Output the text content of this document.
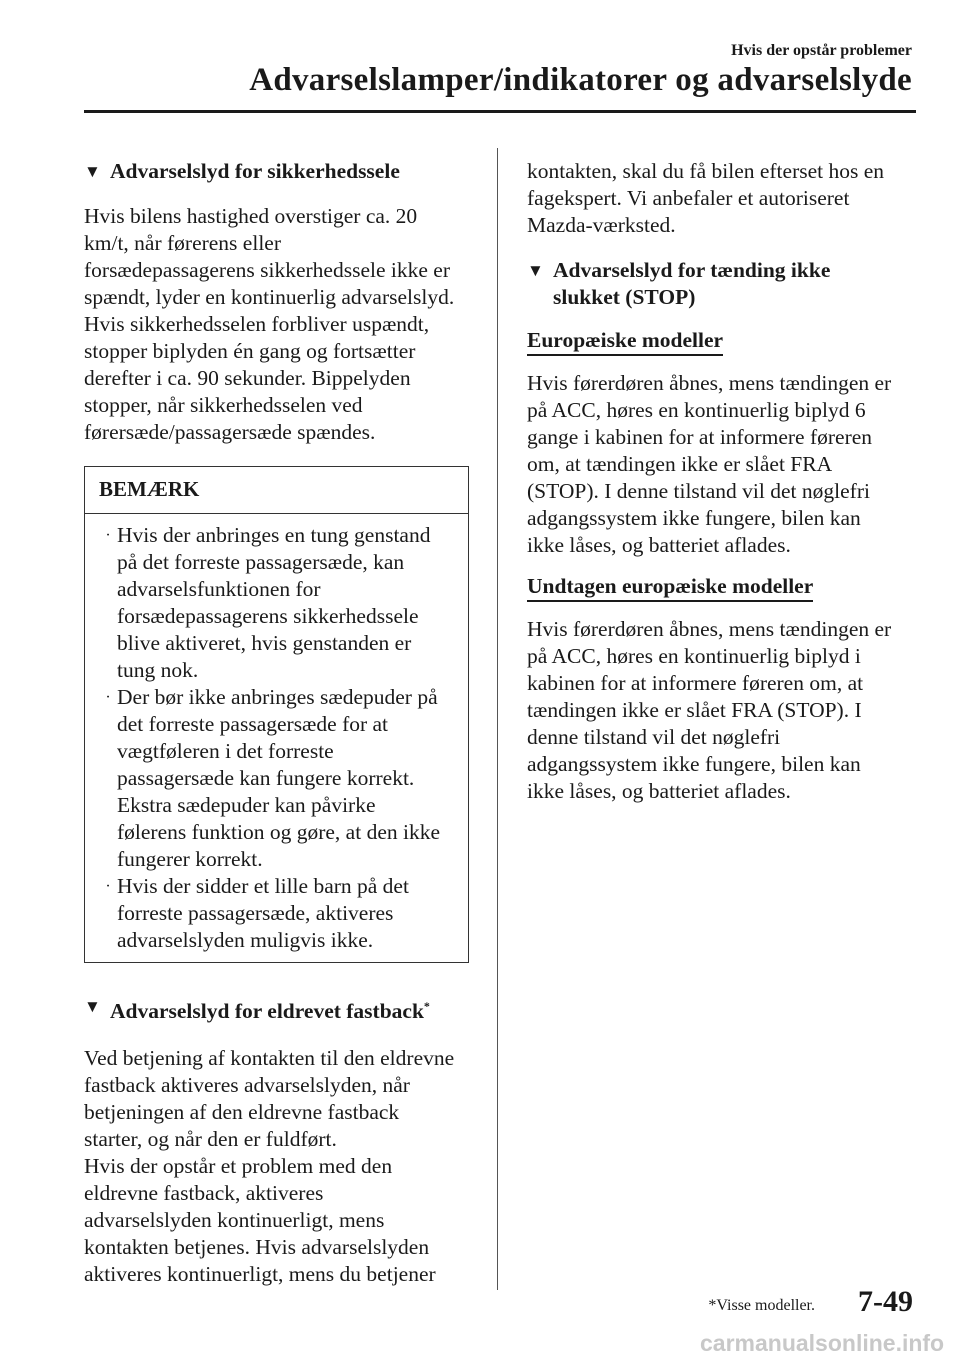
Hvis der opstår problemer
Advarselslamper/indikatorer og advarselslyde
▼ Advarselslyd for sikkerhedssele

Hvis bilens hastighed overstiger ca. 20
km/t, når førerens eller
forsædepassagerens sikkerhedssele ikke er
spændt, lyder en kontinuerlig advarselslyd.
Hvis sikkerhedsselen forbliver uspændt,
stopper biplyden én gang og fortsætter
derefter i ca. 90 sekunder. Bippelyden
stopper, når sikkerhedsselen ved
førersæde/passagersæde spændes.

BEMÆRK
· Hvis der anbringes en tung genstand
på det forreste passagersæde, kan
advarselsfunktionen for
forsædepassagerens sikkerhedssele
blive aktiveret, hvis genstanden er
tung nok.
· Der bør ikke anbringes sædepuder på
det forreste passagersæde for at
vægtføleren i det forreste
passagersæde kan fungere korrekt.
Ekstra sædepuder kan påvirke
følerens funktion og gøre, at den ikke
fungerer korrekt.
· Hvis der sidder et lille barn på det
forreste passagersæde, aktiveres
advarselslyden muligvis ikke.
▼ Advarselslyd for eldrevet fastback*

Ved betjening af kontakten til den eldrevne
fastback aktiveres advarselslyden, når
betjeningen af den eldrevne fastback
starter, og når den er fuldført.
Hvis der opstår et problem med den
eldrevne fastback, aktiveres
advarselslyden kontinuerligt, mens
kontakten betjenes. Hvis advarselslyden
aktiveres kontinuerligt, mens du betjener

kontakten, skal du få bilen efterset hos en
fagekspert. Vi anbefaler et autoriseret
Mazda-værksted.

▼ Advarselslyd for tænding ikke
slukket (STOP)
Europæiske modeller

Hvis førerdøren åbnes, mens tændingen er
på ACC, høres en kontinuerlig biplyd 6
gange i kabinen for at informere føreren
om, at tændingen ikke er slået FRA
(STOP). I denne tilstand vil det nøglefri
adgangssystem ikke fungere, bilen kan
ikke låses, og batteriet aflades.

Undtagen europæiske modeller

Hvis førerdøren åbnes, mens tændingen er
på ACC, høres en kontinuerlig biplyd i
kabinen for at informere føreren om, at
tændingen ikke er slået FRA (STOP). I
denne tilstand vil det nøglefri
adgangssystem ikke fungere, bilen kan
ikke låses, og batteriet aflades.

*Visse modeller. 7-49
carmanualsonline.info
